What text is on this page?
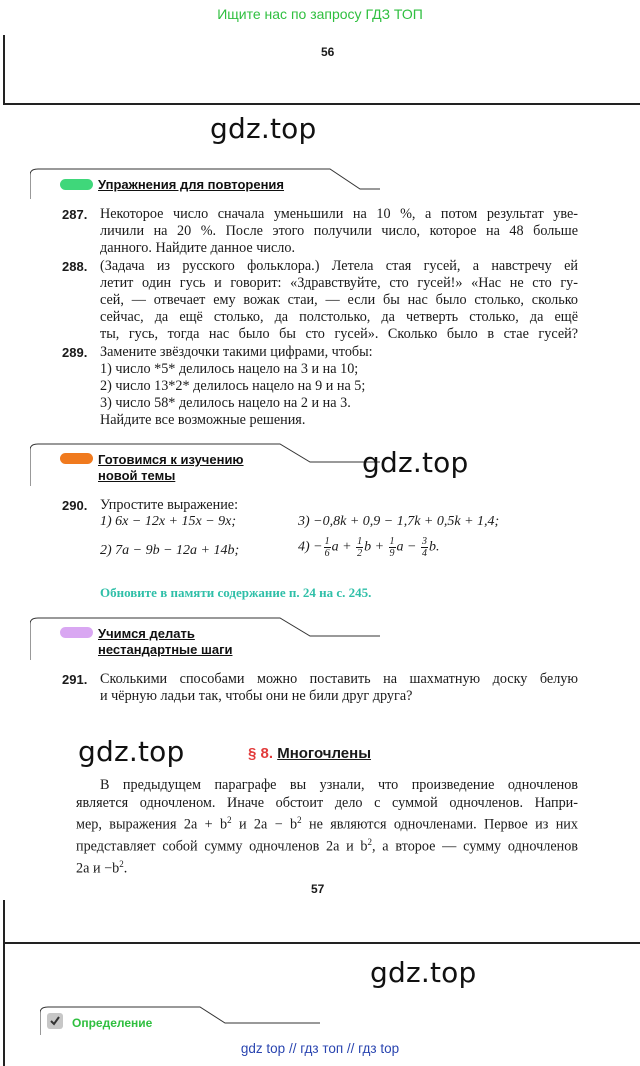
Ищите нас по запросу ГДЗ ТОП
56
gdz.top
Упражнения для повторения
287. Некоторое число сначала уменьшили на 10 %, а потом результат уве-
личили на 20 %. После этого получили число, которое на 48 больше
данного. Найдите данное число.
288. (Задача из русского фольклора.) Летела стая гусей, а навстречу ей
летит один гусь и говорит: «Здравствуйте, сто гусей!» «Нас не сто гу-
сей, — отвечает ему вожак стаи, — если бы нас было столько, сколько
сейчас, да ещё столько, да полстолько, да четверть столько, да ещё
ты, гусь, тогда нас было бы сто гусей». Сколько было в стае гусей?
289. Замените звёздочки такими цифрами, чтобы:
1) число *5* делилось нацело на 3 и на 10;
2) число 13*2* делилось нацело на 9 и на 5;
3) число 58* делилось нацело на 2 и на 3.
Найдите все возможные решения.
Готовимся к изучению
новой темы	gdz.top
290. Упростите выражение:
1) 6x − 12x + 15x − 9x;	3) −0,8k + 0,9 − 1,7k + 0,5k + 1,4;
2) 7a − 9b − 12a + 14b;	$4) - \frac{1}{6}$ $a + \frac{1}{2}$ $b + \frac{1}{9}$ $a - \frac{3}{4} b$.
Обновите в памяти содержание п. 24 на с. 245.
Учимся делать
нестандартные шаги
291. Сколькими способами можно поставить на шахматную доску белую
и чёрную ладьи так, чтобы они не били друг друга?
gdz.top	§ 8. Многочлены
В предыдущем параграфе вы узнали, что произведение одночленов
является одночленом. Иначе обстоит дело с суммой одночленов. Напри-
мер, выражения $2a + b^2$ и $2a - b^2$ не являются одночленами. Первое из них
представляет собой сумму одночленов 2a и $b^2$, а второе — сумму одночленов
2a $и -b^2$.
57
gdz.top
Определение
gdz top // гдз топ // гдз top
